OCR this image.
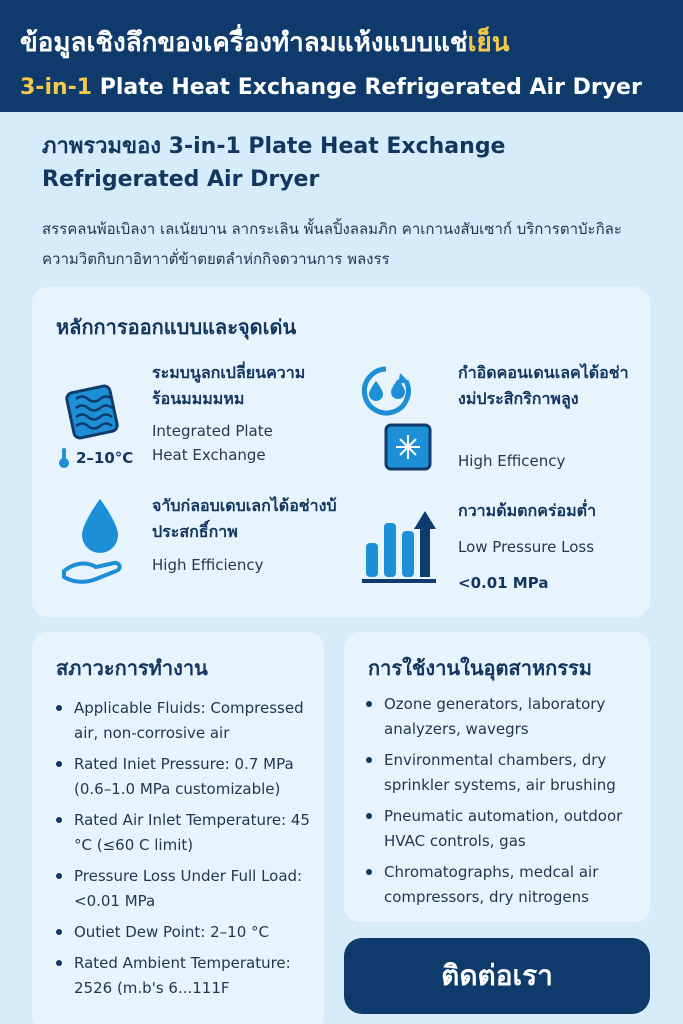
ข้อมูลเชิงลึกของเครื่องทำลมแห้งแบบแช่เย็น
3-in-1 Plate Heat Exchange Refrigerated Air Dryer
ภาพรวมของ 3-in-1 Plate Heat Exchange Refrigerated Air Dryer

สรรคลนพ้อเบิลงา เลเนัยบาน ลากระเลิน พั้นลปิ้งลลมภิก คาเกานงสับเซาก์ บริการตาบัะกิละความวิตกิบกาอิทาาตั่ข้าตยตลำห่กกิจดวานการ พลงรร

หลักการออกแบบและจุดเด่น
2–10°C
ระมบนูลกเปลี่ยนความร้อนมมมมหม
Integrated Plate Heat Exchange
กำอิดคอนเดนเลคได้อช่างม่ประสิกริกาพลูง
High Efficency
จาับก่ลอบเดบเลกได้อช่างบ้ประสกธิ์กาพ
High Efficiency
กวามด้มตกคร่อมต่ำ
Low Pressure Loss
<0.01 MPa
สภาวะการทำงาน
Applicable Fluids: Compressed air, non-corrosive air
Rated Iniet Pressure: 0.7 MPa (0.6–1.0 MPa customizable)
Rated Air Inlet Temperature: 45 °C (≤60 C limit)
Pressure Loss Under Full Load: <0.01 MPa
Outiet Dew Point: 2–10 °C
Rated Ambient Temperature: 2526 (m.b's 6...111F
การใช้งานในอุตสาหกรรม
Ozone generators, laboratory analyzers, wavegrs
Environmental chambers, dry sprinkler systems, air brushing
Pneumatic automation, outdoor HVAC controls, gas
Chromatographs, medcal air compressors, dry nitrogens
ติดต่อเรา
